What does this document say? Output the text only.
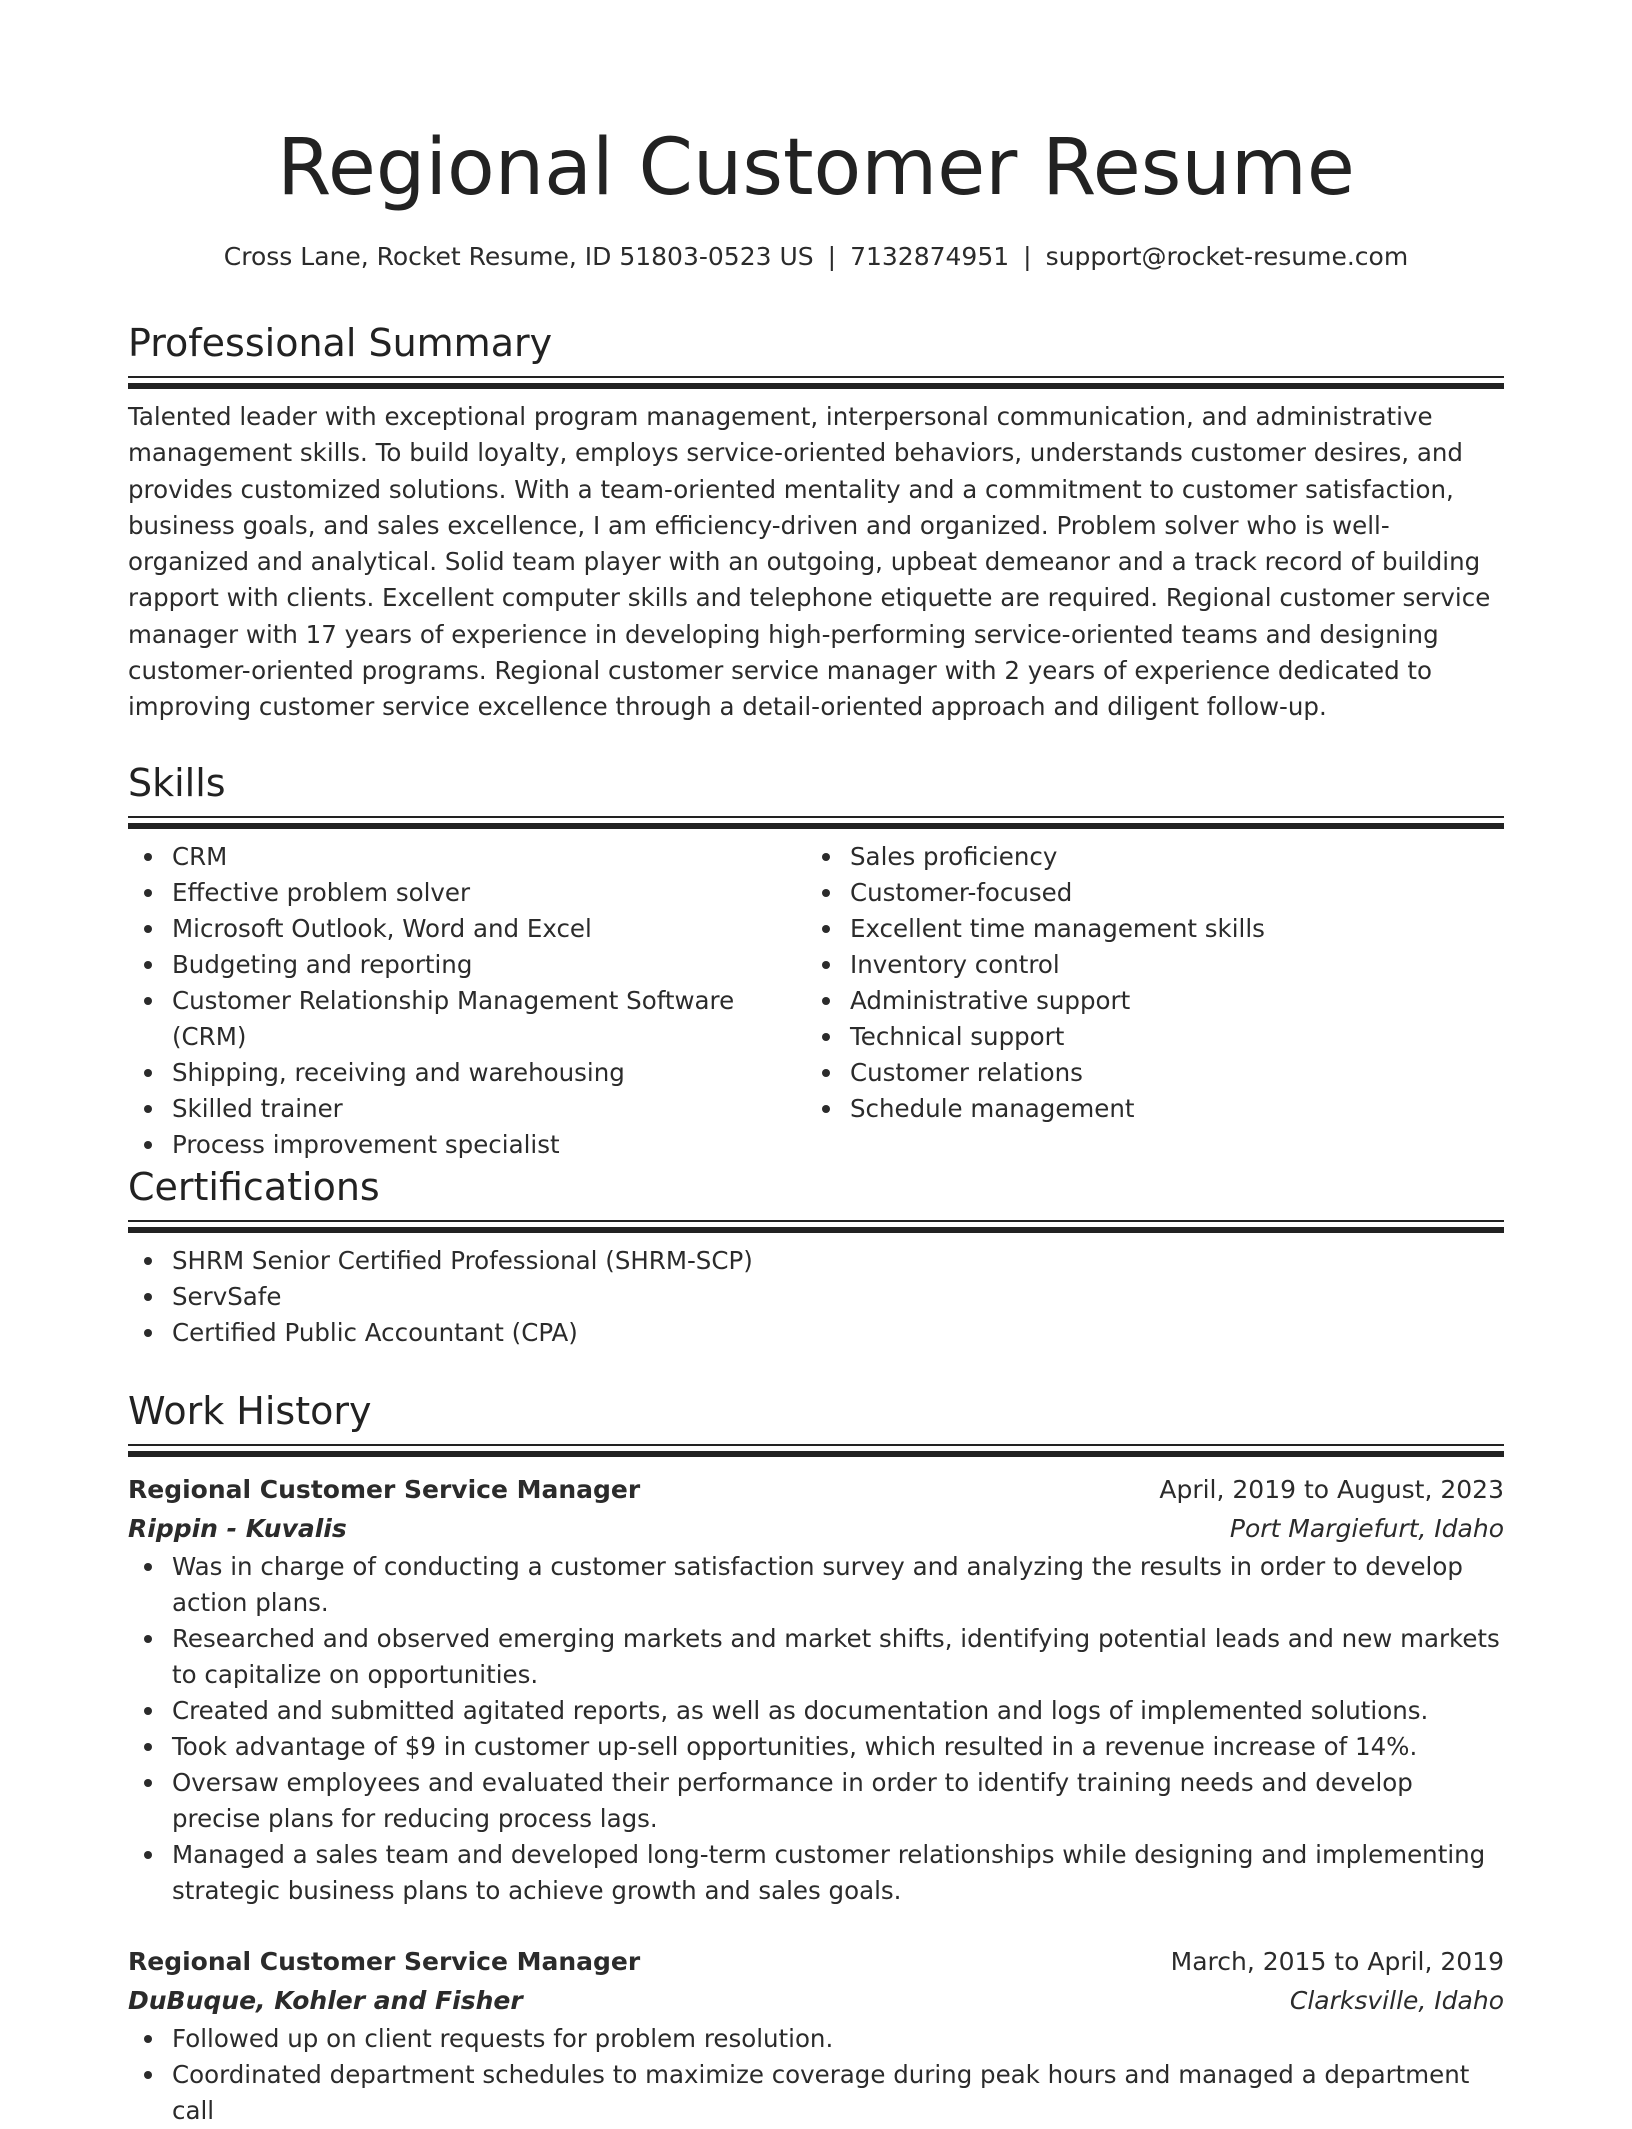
Regional Customer Resume
Cross Lane, Rocket Resume, ID 51803-0523 US | 7132874951 | support@rocket-resume.com
Professional Summary

Talented leader with exceptional program management, interpersonal communication, and administrative management skills. To build loyalty, employs service-oriented behaviors, understands customer desires, and provides customized solutions. With a team-oriented mentality and a commitment to customer satisfaction, business goals, and sales excellence, I am efficiency-driven and organized. Problem solver who is well-organized and analytical. Solid team player with an outgoing, upbeat demeanor and a track record of building rapport with clients. Excellent computer skills and telephone etiquette are required. Regional customer service manager with 17 years of experience in developing high-performing service-oriented teams and designing customer-oriented programs. Regional customer service manager with 2 years of experience dedicated to improving customer service excellence through a detail-oriented approach and diligent follow-up.

Skills
CRM
Effective problem solver
Microsoft Outlook, Word and Excel
Budgeting and reporting
Customer Relationship Management Software (CRM)
Shipping, receiving and warehousing
Skilled trainer
Process improvement specialist
Sales proficiency
Customer-focused
Excellent time management skills
Inventory control
Administrative support
Technical support
Customer relations
Schedule management
Certifications
SHRM Senior Certified Professional (SHRM-SCP)
ServSafe
Certified Public Accountant (CPA)
Work History
Regional Customer Service Manager	April, 2019 to August, 2023
Rippin - Kuvalis	Port Margiefurt, Idaho
Was in charge of conducting a customer satisfaction survey and analyzing the results in order to develop action plans.
Researched and observed emerging markets and market shifts, identifying potential leads and new markets to capitalize on opportunities.
Created and submitted agitated reports, as well as documentation and logs of implemented solutions.
Took advantage of $9 in customer up-sell opportunities, which resulted in a revenue increase of 14%.
Oversaw employees and evaluated their performance in order to identify training needs and develop precise plans for reducing process lags.
Managed a sales team and developed long-term customer relationships while designing and implementing strategic business plans to achieve growth and sales goals.
Regional Customer Service Manager	March, 2015 to April, 2019
DuBuque, Kohler and Fisher	Clarksville, Idaho
Followed up on client requests for problem resolution.
Coordinated department schedules to maximize coverage during peak hours and managed a department call
